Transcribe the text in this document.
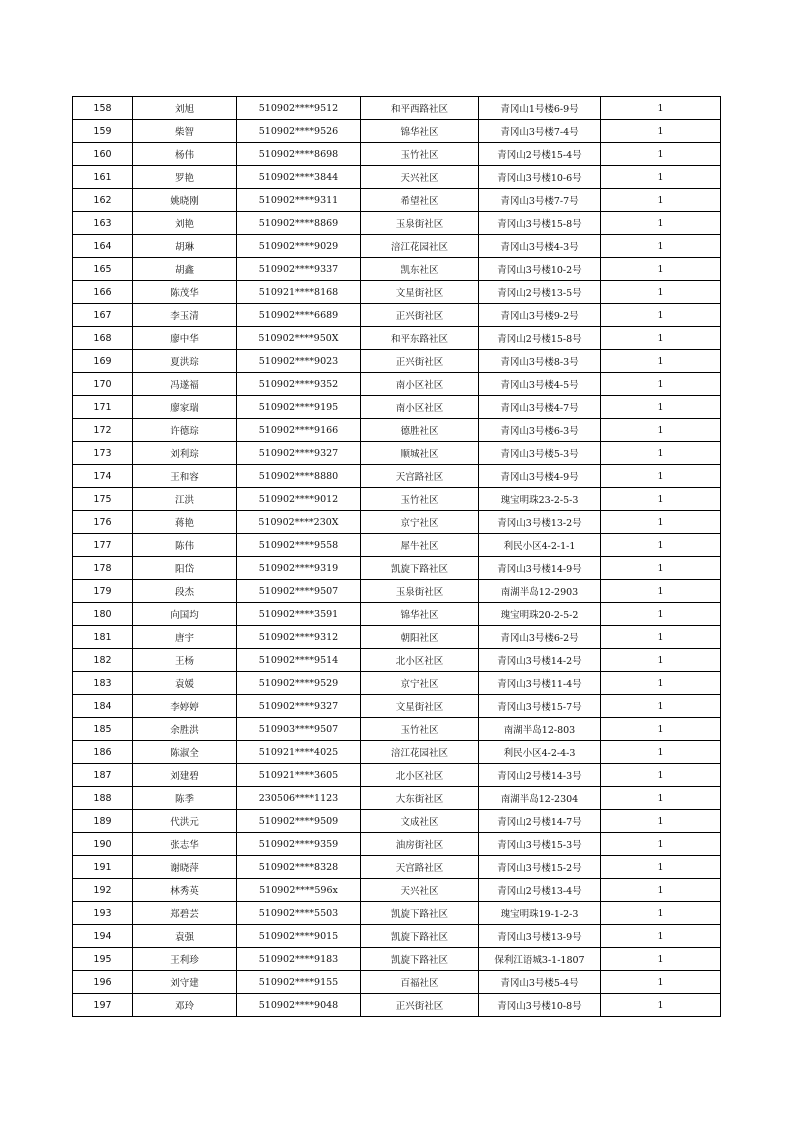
158	刘旭	510902****9512	和平西路社区	青冈山1号楼6-9号	1
159	柴智	510902****9526	锦华社区	青冈山3号楼7-4号	1
160	杨伟	510902****8698	玉竹社区	青冈山2号楼15-4号	1
161	罗艳	510902****3844	天兴社区	青冈山3号楼10-6号	1
162	姚晓刚	510902****9311	希望社区	青冈山3号楼7-7号	1
163	刘艳	510902****8869	玉泉街社区	青冈山3号楼15-8号	1
164	胡琳	510902****9029	涪江花园社区	青冈山3号楼4-3号	1
165	胡鑫	510902****9337	凯东社区	青冈山3号楼10-2号	1
166	陈茂华	510921****8168	文星街社区	青冈山2号楼13-5号	1
167	李玉清	510902****6689	正兴街社区	青冈山3号楼9-2号	1
168	廖中华	510902****950X	和平东路社区	青冈山2号楼15-8号	1
169	夏洪琮	510902****9023	正兴街社区	青冈山3号楼8-3号	1
170	冯遂福	510902****9352	南小区社区	青冈山3号楼4-5号	1
171	廖家瑞	510902****9195	南小区社区	青冈山3号楼4-7号	1
172	许德琮	510902****9166	德胜社区	青冈山3号楼6-3号	1
173	刘利琮	510902****9327	顺城社区	青冈山3号楼5-3号	1
174	王和容	510902****8880	天宫路社区	青冈山3号楼4-9号	1
175	江洪	510902****9012	玉竹社区	瑰宝明珠23-2-5-3	1
176	蒋艳	510902****230X	京宁社区	青冈山3号楼13-2号	1
177	陈伟	510902****9558	犀牛社区	利民小区4-2-1-1	1
178	阳岱	510902****9319	凯旋下路社区	青冈山3号楼14-9号	1
179	段杰	510902****9507	玉泉街社区	南湖半岛12-2903	1
180	向国均	510902****3591	锦华社区	瑰宝明珠20-2-5-2	1
181	唐宇	510902****9312	朝阳社区	青冈山3号楼6-2号	1
182	王杨	510902****9514	北小区社区	青冈山3号楼14-2号	1
183	袁媛	510902****9529	京宁社区	青冈山3号楼11-4号	1
184	李婷婷	510902****9327	文星街社区	青冈山3号楼15-7号	1
185	余胜洪	510903****9507	玉竹社区	南湖半岛12-803	1
186	陈淑全	510921****4025	涪江花园社区	利民小区4-2-4-3	1
187	刘建碧	510921****3605	北小区社区	青冈山2号楼14-3号	1
188	陈季	230506****1123	大东街社区	南湖半岛12-2304	1
189	代洪元	510902****9509	文成社区	青冈山2号楼14-7号	1
190	张志华	510902****9359	油房街社区	青冈山3号楼15-3号	1
191	谢晓萍	510902****8328	天宫路社区	青冈山3号楼15-2号	1
192	林秀英	510902****596x	天兴社区	青冈山2号楼13-4号	1
193	郑碧芸	510902****5503	凯旋下路社区	瑰宝明珠19-1-2-3	1
194	袁强	510902****9015	凯旋下路社区	青冈山3号楼13-9号	1
195	王利珍	510902****9183	凯旋下路社区	保利江语城3-1-1807	1
196	刘守建	510902****9155	百福社区	青冈山3号楼5-4号	1
197	邓玲	510902****9048	正兴街社区	青冈山3号楼10-8号	1
